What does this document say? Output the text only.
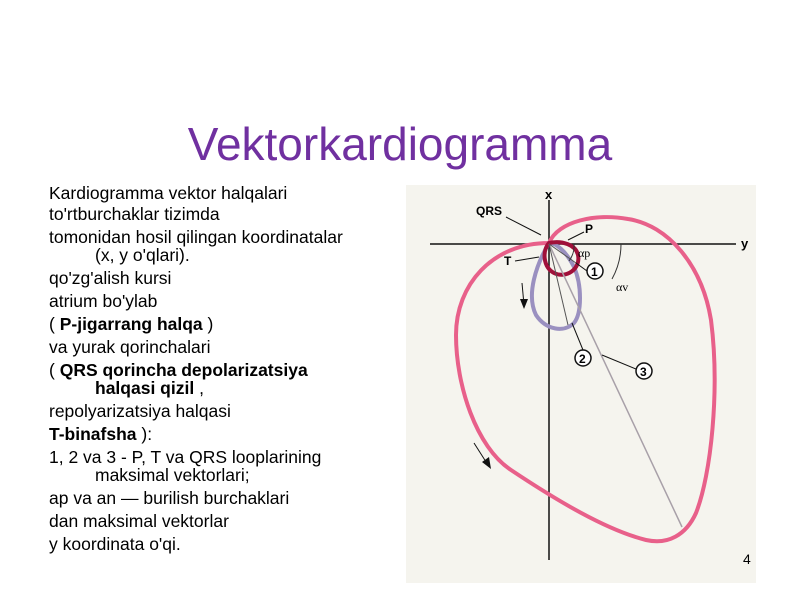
Vektorkardiogramma
Kardiogramma vektor halqalari
to'rtburchaklar tizimda
tomonidan hosil qilingan koordinatalar
(x, y o'qlari).
qo'zg'alish kursi
atrium bo'ylab
( P-jigarrang halqa )
va yurak qorinchalari
( QRS qorincha depolarizatsiya
halqasi qizil ,
repolyarizatsiya halqasi
T-binafsha ):
1, 2 va 3 - P, T va QRS looplarining
maksimal vektorlari;
ap va an — burilish burchaklari
dan maksimal vektorlar
y koordinata o'qi.
x
y
QRS
P
T
αp
αv
1
2
3
4
